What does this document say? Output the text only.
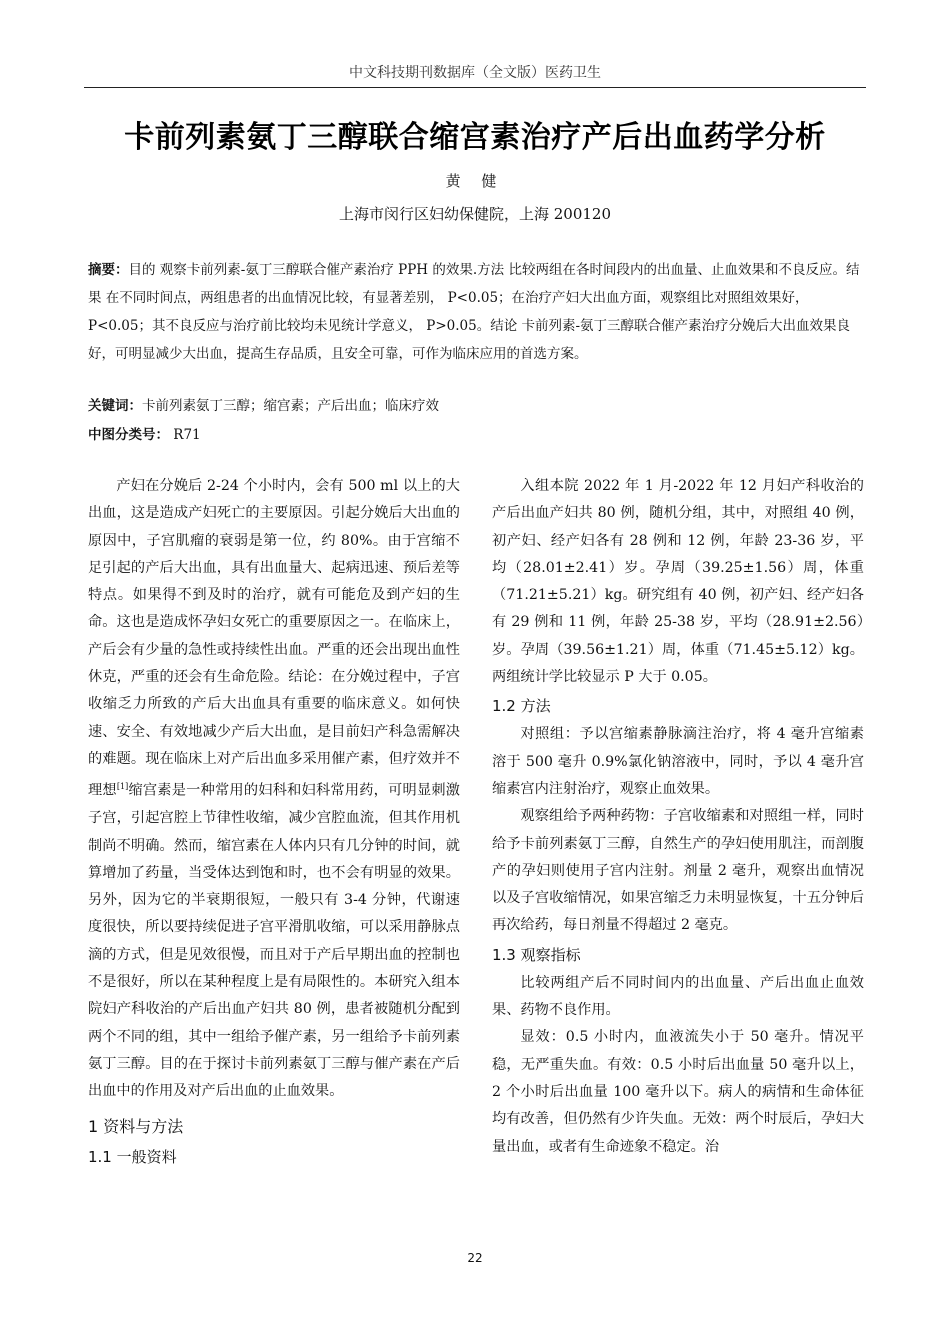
中文科技期刊数据库（全文版）医药卫生
卡前列素氨丁三醇联合缩宫素治疗产后出血药学分析
黄 健
上海市闵行区妇幼保健院，上海 200120
摘要：目的 观察卡前列素-氨丁三醇联合催产素治疗 PPH 的效果.方法 比较两组在各时间段内的出血量、止血效果和不良反应。结果 在不同时间点，两组患者的出血情况比较，有显著差别， P<0.05；在治疗产妇大出血方面，观察组比对照组效果好， P<0.05；其不良反应与治疗前比较均未见统计学意义， P>0.05。结论 卡前列素-氨丁三醇联合催产素治疗分娩后大出血效果良好，可明显减少大出血，提高生存品质，且安全可靠，可作为临床应用的首选方案。
关键词：卡前列素氨丁三醇；缩宫素；产后出血；临床疗效
中图分类号： R71

产妇在分娩后 2-24 个小时内，会有 500 ml 以上的大出血，这是造成产妇死亡的主要原因。引起分娩后大出血的原因中，子宫肌瘤的衰弱是第一位，约 80%。由于宫缩不足引起的产后大出血，具有出血量大、起病迅速、预后差等特点。如果得不到及时的治疗，就有可能危及到产妇的生命。这也是造成怀孕妇女死亡的重要原因之一。在临床上，产后会有少量的急性或持续性出血。严重的还会出现出血性休克，严重的还会有生命危险。结论：在分娩过程中，子宫收缩乏力所致的产后大出血具有重要的临床意义。如何快速、安全、有效地减少产后大出血，是目前妇产科急需解决的难题。现在临床上对产后出血多采用催产素，但疗效并不理想[1]缩宫素是一种常用的妇科和妇科常用药，可明显刺激子宫，引起宫腔上节律性收缩，减少宫腔血流，但其作用机制尚不明确。然而，缩宫素在人体内只有几分钟的时间，就算增加了药量，当受体达到饱和时，也不会有明显的效果。另外，因为它的半衰期很短，一般只有 3-4 分钟，代谢速度很快，所以要持续促进子宫平滑肌收缩，可以采用静脉点滴的方式，但是见效很慢，而且对于产后早期出血的控制也不是很好，所以在某种程度上是有局限性的。本研究入组本院妇产科收治的产后出血产妇共 80 例，患者被随机分配到两个不同的组，其中一组给予催产素，另一组给予卡前列素氨丁三醇。目的在于探讨卡前列素氨丁三醇与催产素在产后出血中的作用及对产后出血的止血效果。

1 资料与方法
1.1 一般资料

入组本院 2022 年 1 月-2022 年 12 月妇产科收治的产后出血产妇共 80 例，随机分组，其中，对照组 40 例，初产妇、经产妇各有 28 例和 12 例，年龄 23-36 岁，平均（28.01±2.41）岁。孕周（39.25±1.56）周，体重（71.21±5.21）kg。研究组有 40 例，初产妇、经产妇各有 29 例和 11 例，年龄 25-38 岁，平均（28.91±2.56）岁。孕周（39.56±1.21）周，体重（71.45±5.12）kg。两组统计学比较显示 P 大于 0.05。

1.2 方法

对照组：予以宫缩素静脉滴注治疗，将 4 毫升宫缩素溶于 500 毫升 0.9%氯化钠溶液中，同时，予以 4 毫升宫缩素宫内注射治疗，观察止血效果。

观察组给予两种药物：子宫收缩素和对照组一样，同时给予卡前列素氨丁三醇，自然生产的孕妇使用肌注，而剖腹产的孕妇则使用子宫内注射。剂量 2 毫升，观察出血情况以及子宫收缩情况，如果宫缩乏力未明显恢复，十五分钟后再次给药，每日剂量不得超过 2 毫克。

1.3 观察指标

比较两组产后不同时间内的出血量、产后出血止血效果、药物不良作用。

显效：0.5 小时内，血液流失小于 50 毫升。情况平稳，无严重失血。有效：0.5 小时后出血量 50 毫升以上，2 个小时后出血量 100 毫升以下。病人的病情和生命体征均有改善，但仍然有少许失血。无效：两个时辰后，孕妇大量出血，或者有生命迹象不稳定。治

22
